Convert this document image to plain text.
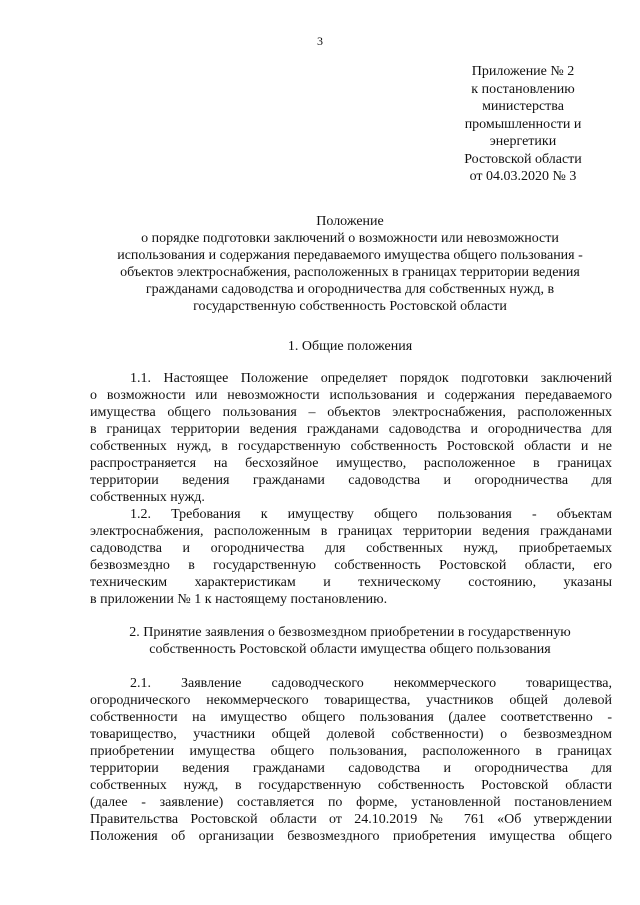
3
Приложение № 2
к постановлению
министерства
промышленности и
энергетики
Ростовской области
от 04.03.2020 № 3
Положение
о порядке подготовки заключений о возможности или невозможности
использования и содержания передаваемого имущества общего пользования -
объектов электроснабжения, расположенных в границах территории ведения
гражданами садоводства и огородничества для собственных нужд, в
государственную собственность Ростовской области
1. Общие положения
1.1. Настоящее Положение определяет порядок подготовки заключений
о возможности или невозможности использования и содержания передаваемого
имущества общего пользования – объектов электроснабжения, расположенных
в границах территории ведения гражданами садоводства и огородничества для
собственных нужд, в государственную собственность Ростовской области и не
распространяется на бесхозяйное имущество, расположенное в границах
территории ведения гражданами садоводства и огородничества для
собственных нужд.
1.2. Требования к имуществу общего пользования - объектам
электроснабжения, расположенным в границах территории ведения гражданами
садоводства и огородничества для собственных нужд, приобретаемых
безвозмездно в государственную собственность Ростовской области, его
техническим характеристикам и техническому состоянию, указаны
в приложении № 1 к настоящему постановлению.
2. Принятие заявления о безвозмездном приобретении в государственную
собственность Ростовской области имущества общего пользования
2.1. Заявление садоводческого некоммерческого товарищества,
огороднического некоммерческого товарищества, участников общей долевой
собственности на имущество общего пользования (далее соответственно -
товарищество, участники общей долевой собственности) о безвозмездном
приобретении имущества общего пользования, расположенного в границах
территории ведения гражданами садоводства и огородничества для
собственных нужд, в государственную собственность Ростовской области
(далее - заявление) составляется по форме, установленной постановлением
Правительства Ростовской области от 24.10.2019 № 761 «Об утверждении
Положения об организации безвозмездного приобретения имущества общего
